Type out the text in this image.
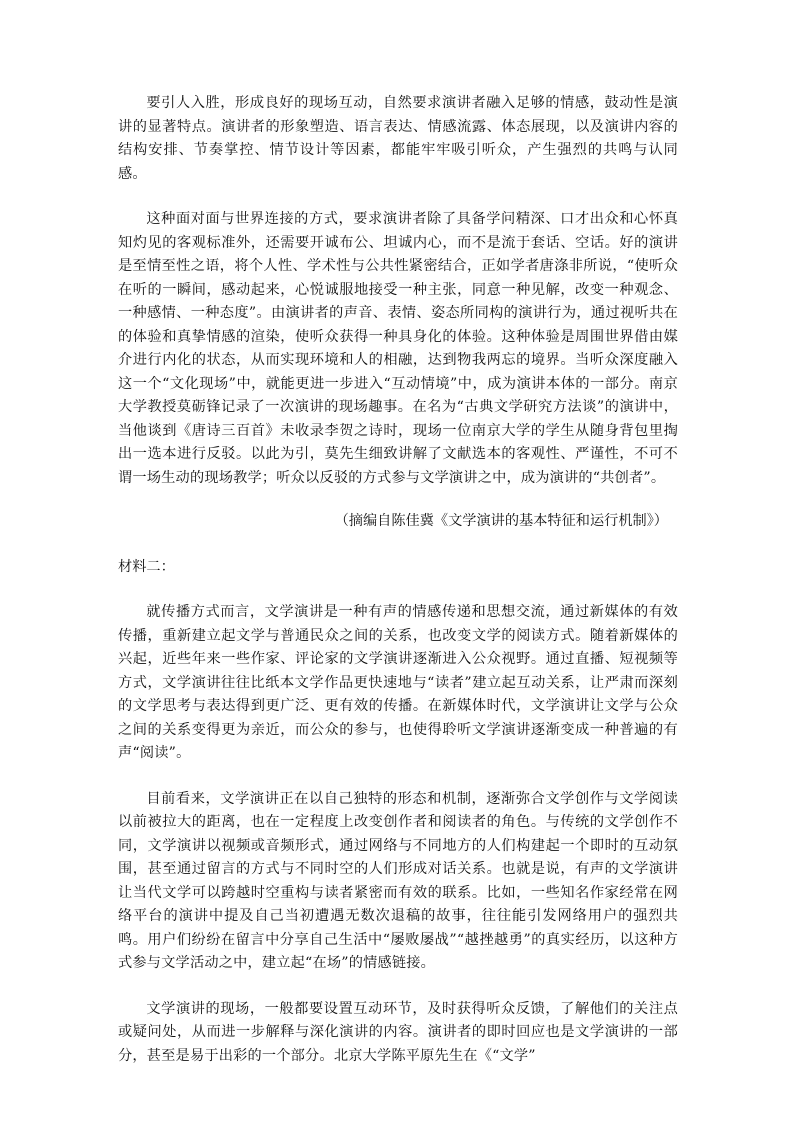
要引人入胜，形成良好的现场互动，自然要求演讲者融入足够的情感，鼓动性是演讲的显著特点。演讲者的形象塑造、语言表达、情感流露、体态展现，以及演讲内容的结构安排、节奏掌控、情节设计等因素，都能牢牢吸引听众，产生强烈的共鸣与认同感。

这种面对面与世界连接的方式，要求演讲者除了具备学问精深、口才出众和心怀真知灼见的客观标准外，还需要开诚布公、坦诚内心，而不是流于套话、空话。好的演讲是至情至性之语，将个人性、学术性与公共性紧密结合，正如学者唐涤非所说，“使听众在听的一瞬间，感动起来，心悦诚服地接受一种主张，同意一种见解，改变一种观念、一种感情、一种态度”。由演讲者的声音、表情、姿态所同构的演讲行为，通过视听共在的体验和真挚情感的渲染，使听众获得一种具身化的体验。这种体验是周围世界借由媒介进行内化的状态，从而实现环境和人的相融，达到物我两忘的境界。当听众深度融入这一个“文化现场”中，就能更进一步进入“互动情境”中，成为演讲本体的一部分。南京大学教授莫砺锋记录了一次演讲的现场趣事。在名为“古典文学研究方法谈”的演讲中，当他谈到《唐诗三百首》未收录李贺之诗时，现场一位南京大学的学生从随身背包里掏出一选本进行反驳。以此为引，莫先生细致讲解了文献选本的客观性、严谨性，不可不谓一场生动的现场教学；听众以反驳的方式参与文学演讲之中，成为演讲的“共创者”。

（摘编自陈佳冀《文学演讲的基本特征和运行机制》）

材料二：

就传播方式而言，文学演讲是一种有声的情感传递和思想交流，通过新媒体的有效传播，重新建立起文学与普通民众之间的关系，也改变文学的阅读方式。随着新媒体的兴起，近些年来一些作家、评论家的文学演讲逐渐进入公众视野。通过直播、短视频等方式，文学演讲往往比纸本文学作品更快速地与“读者”建立起互动关系，让严肃而深刻的文学思考与表达得到更广泛、更有效的传播。在新媒体时代，文学演讲让文学与公众之间的关系变得更为亲近，而公众的参与，也使得聆听文学演讲逐渐变成一种普遍的有声“阅读”。

目前看来，文学演讲正在以自己独特的形态和机制，逐渐弥合文学创作与文学阅读以前被拉大的距离，也在一定程度上改变创作者和阅读者的角色。与传统的文学创作不同，文学演讲以视频或音频形式，通过网络与不同地方的人们构建起一个即时的互动氛围，甚至通过留言的方式与不同时空的人们形成对话关系。也就是说，有声的文学演讲让当代文学可以跨越时空重构与读者紧密而有效的联系。比如，一些知名作家经常在网络平台的演讲中提及自己当初遭遇无数次退稿的故事，往往能引发网络用户的强烈共鸣。用户们纷纷在留言中分享自己生活中“屡败屡战”“越挫越勇”的真实经历，以这种方式参与文学活动之中，建立起“在场”的情感链接。

文学演讲的现场，一般都要设置互动环节，及时获得听众反馈，了解他们的关注点或疑问处，从而进一步解释与深化演讲的内容。演讲者的即时回应也是文学演讲的一部分，甚至是易于出彩的一个部分。北京大学陈平原先生在《“文学”
